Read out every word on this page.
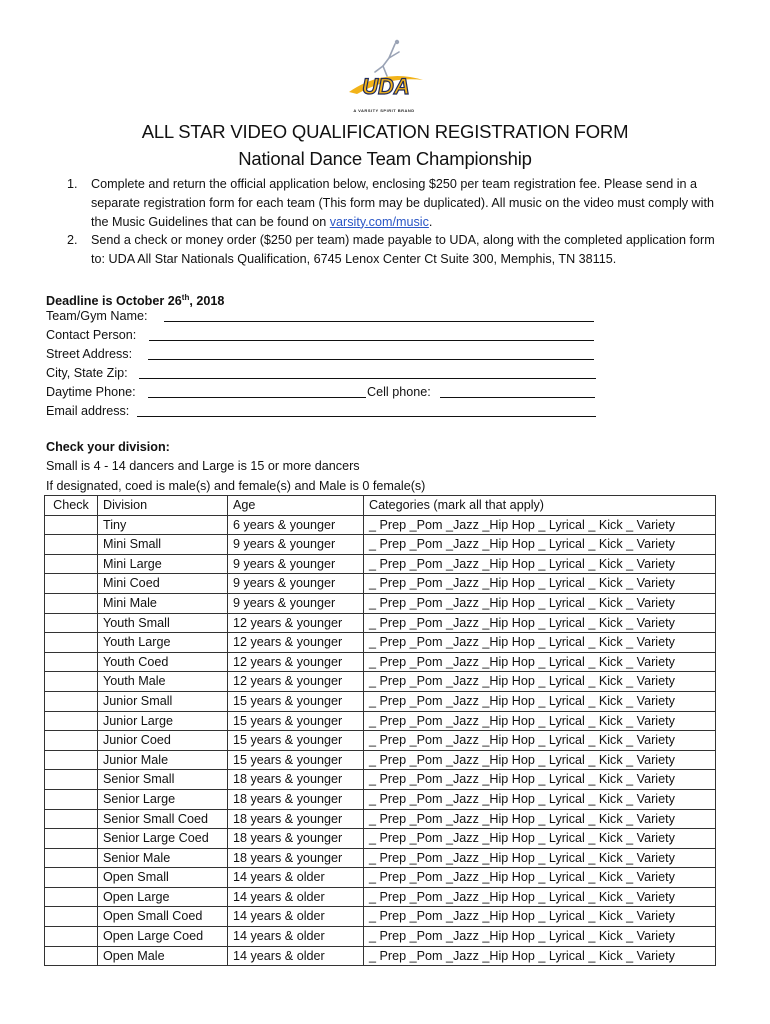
UDA
A VARSITY SPIRIT BRAND
ALL STAR VIDEO QUALIFICATION REGISTRATION FORM
National Dance Team Championship
1. Complete and return the official application below, enclosing $250 per team registration fee. Please send in a separate registration form for each team (This form may be duplicated). All music on the video must comply with the Music Guidelines that can be found on varsity.com/music.
2. Send a check or money order ($250 per team) made payable to UDA, along with the completed application form to: UDA All Star Nationals Qualification, 6745 Lenox Center Ct Suite 300, Memphis, TN 38115.
Deadline is October 26th, 2018
Team/Gym Name:
Contact Person:
Street Address:
City, State Zip:
Daytime Phone:	Cell phone:
Email address:
Check your division:
Small is 4 - 14 dancers and Large is 15 or more dancers
If designated, coed is male(s) and female(s) and Male is 0 female(s)
Check	Division	Age	Categories (mark all that apply)
	Tiny	6 years & younger	_ Prep _Pom _Jazz _Hip Hop _ Lyrical _ Kick _ Variety
	Mini Small	9 years & younger	_ Prep _Pom _Jazz _Hip Hop _ Lyrical _ Kick _ Variety
	Mini Large	9 years & younger	_ Prep _Pom _Jazz _Hip Hop _ Lyrical _ Kick _ Variety
	Mini Coed	9 years & younger	_ Prep _Pom _Jazz _Hip Hop _ Lyrical _ Kick _ Variety
	Mini Male	9 years & younger	_ Prep _Pom _Jazz _Hip Hop _ Lyrical _ Kick _ Variety
	Youth Small	12 years & younger	_ Prep _Pom _Jazz _Hip Hop _ Lyrical _ Kick _ Variety
	Youth Large	12 years & younger	_ Prep _Pom _Jazz _Hip Hop _ Lyrical _ Kick _ Variety
	Youth Coed	12 years & younger	_ Prep _Pom _Jazz _Hip Hop _ Lyrical _ Kick _ Variety
	Youth Male	12 years & younger	_ Prep _Pom _Jazz _Hip Hop _ Lyrical _ Kick _ Variety
	Junior Small	15 years & younger	_ Prep _Pom _Jazz _Hip Hop _ Lyrical _ Kick _ Variety
	Junior Large	15 years & younger	_ Prep _Pom _Jazz _Hip Hop _ Lyrical _ Kick _ Variety
	Junior Coed	15 years & younger	_ Prep _Pom _Jazz _Hip Hop _ Lyrical _ Kick _ Variety
	Junior Male	15 years & younger	_ Prep _Pom _Jazz _Hip Hop _ Lyrical _ Kick _ Variety
	Senior Small	18 years & younger	_ Prep _Pom _Jazz _Hip Hop _ Lyrical _ Kick _ Variety
	Senior Large	18 years & younger	_ Prep _Pom _Jazz _Hip Hop _ Lyrical _ Kick _ Variety
	Senior Small Coed	18 years & younger	_ Prep _Pom _Jazz _Hip Hop _ Lyrical _ Kick _ Variety
	Senior Large Coed	18 years & younger	_ Prep _Pom _Jazz _Hip Hop _ Lyrical _ Kick _ Variety
	Senior Male	18 years & younger	_ Prep _Pom _Jazz _Hip Hop _ Lyrical _ Kick _ Variety
	Open Small	14 years & older	_ Prep _Pom _Jazz _Hip Hop _ Lyrical _ Kick _ Variety
	Open Large	14 years & older	_ Prep _Pom _Jazz _Hip Hop _ Lyrical _ Kick _ Variety
	Open Small Coed	14 years & older	_ Prep _Pom _Jazz _Hip Hop _ Lyrical _ Kick _ Variety
	Open Large Coed	14 years & older	_ Prep _Pom _Jazz _Hip Hop _ Lyrical _ Kick _ Variety
	Open Male	14 years & older	_ Prep _Pom _Jazz _Hip Hop _ Lyrical _ Kick _ Variety
